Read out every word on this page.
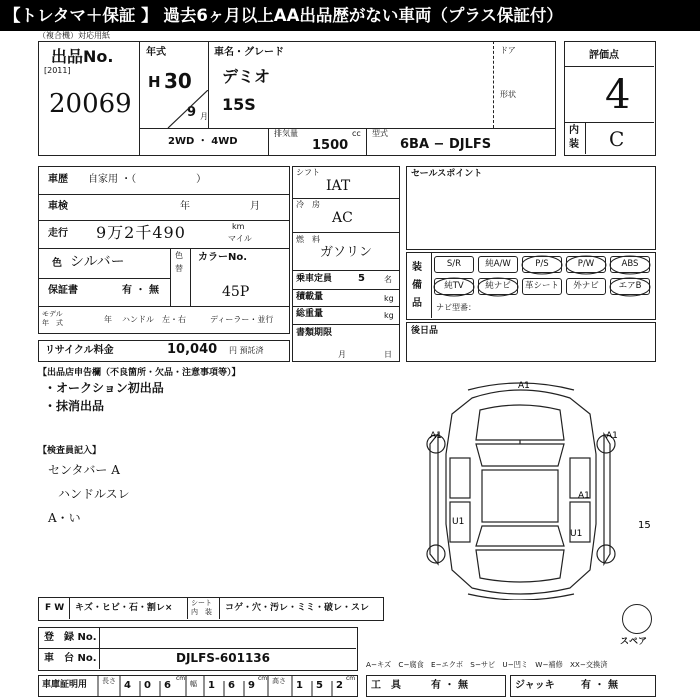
【トレタマ＋保証 】 過去6ヶ月以上AA出品歴がない車両（プラス保証付）
（複合機）対応用紙
出品No.
[2011]
20069
年式
H 30
9 月
車名・グレード
デミオ
15S
ドア
形状
2WD ・ 4WD
排気量	cc
1500
型式
6BA − DJLFS
評価点
4
内
装 C
車歴 自家用 ・（　　　　　　）
車検	年	月
走行 9万2千490	km
マイル
色 シルバー	色
替
カラーNo.
45P
保証書	有 ・ 無
モデル
年　式	年 ハンドル　左・右	ディーラー・並行
リサイクル料金	10,040 円 預託済
シフト
IAT
冷　房
AC
燃　料
ガソリン
乗車定員	5 名
積載量	kg
総重量	kg
書類期限
月	日
セールスポイント
装
備
品
S/R	純A/W	P/S	P/W	ABS
純TV	純ナビ	革シート	外ナビ	エアB
ナビ型番：
後日品
【出品店申告欄（不良箇所・欠品・注意事項等）】
・オークション初出品
・抹消出品
【検査員記入】
センタバー A
ハンドルスレ
A・い
A1
A1	A1
A1
U1
U1
15
スペア
F W キズ・ヒビ・石・割レ×	シート
内　装 コゲ・穴・汚レ・ミミ・破レ・スレ
登　録 No.
車　台 No.	DJLFS-601136	A−キズ　C−腐食　E−エクボ　S−サビ　U−凹ミ　W−補修　XX−交換済
車庫証明用 長さ 4 0 6
cm
幅 1 6 9
cm 高さ 1 5 2
cm
工　具	有 ・ 無	ジャッキ	有 ・ 無
